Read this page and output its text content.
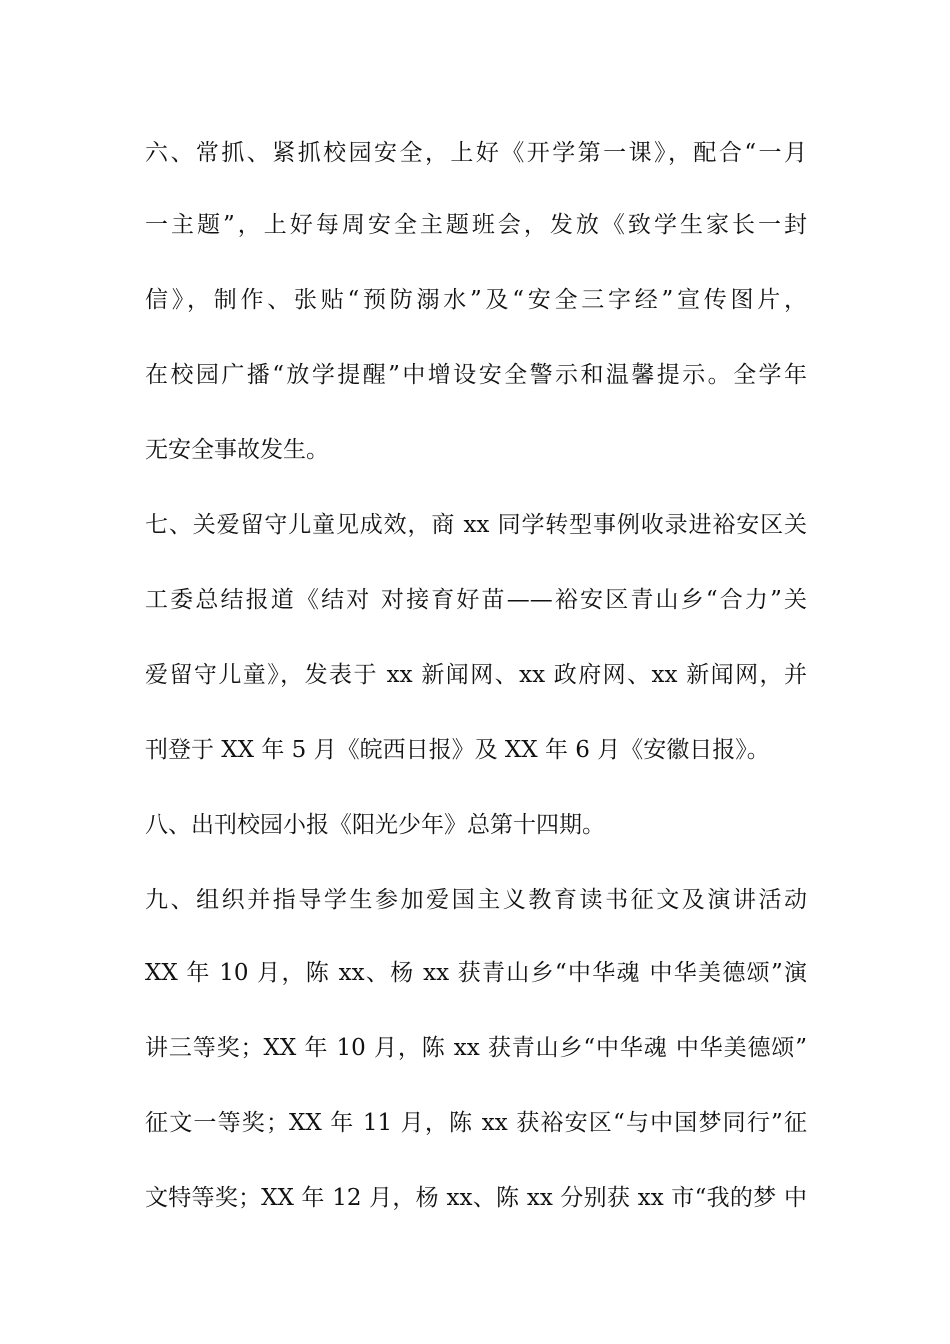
六、常抓、紧抓校园安全，上好《开学第一课》，配合“一月
一主题”，上好每周安全主题班会，发放《致学生家长一封
信》，制作、张贴“预防溺水”及“安全三字经”宣传图片，
在校园广播“放学提醒”中增设安全警示和温馨提示。全学年
无安全事故发生。
七、关爱留守儿童见成效，商 xx 同学转型事例收录进裕安区关
工委总结报道《结对 对接育好苗——裕安区青山乡“合力”关
爱留守儿童》，发表于 xx 新闻网、xx 政府网、xx 新闻网，并
刊登于 XX 年 5 月《皖西日报》及 XX 年 6 月《安徽日报》。
八、出刊校园小报《阳光少年》总第十四期。
九、组织并指导学生参加爱国主义教育读书征文及演讲活动
XX 年 10 月，陈 xx、杨 xx 获青山乡“中华魂 中华美德颂”演
讲三等奖；XX 年 10 月，陈 xx 获青山乡“中华魂 中华美德颂”
征文一等奖；XX 年 11 月，陈 xx 获裕安区“与中国梦同行”征
文特等奖；XX 年 12 月，杨 xx、陈 xx 分别获 xx 市“我的梦 中
